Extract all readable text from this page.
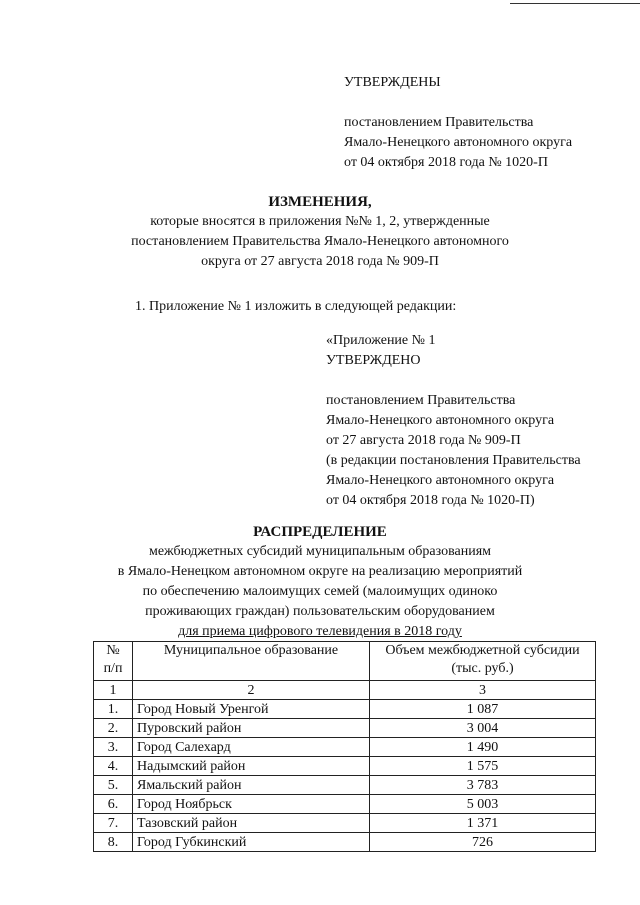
УТВЕРЖДЕНЫ
постановлением Правительства
Ямало-Ненецкого автономного округа
от 04 октября 2018 года № 1020-П
ИЗМЕНЕНИЯ,
которые вносятся в приложения №№ 1, 2, утвержденные
постановлением Правительства Ямало-Ненецкого автономного
округа от 27 августа 2018 года № 909-П
1. Приложение № 1 изложить в следующей редакции:
«Приложение № 1
УТВЕРЖДЕНО
постановлением Правительства
Ямало-Ненецкого автономного округа
от 27 августа 2018 года № 909-П
(в редакции постановления Правительства
Ямало-Ненецкого автономного округа
от 04 октября 2018 года № 1020-П)
РАСПРЕДЕЛЕНИЕ
межбюджетных субсидий муниципальным образованиям
в Ямало-Ненецком автономном округе на реализацию мероприятий
по обеспечению малоимущих семей (малоимущих одиноко
проживающих граждан) пользовательским оборудованием
для приема цифрового телевидения в 2018 году
№
п/п	Муниципальное образование	Объем межбюджетной субсидии
(тыс. руб.)
1	2	3
1.	Город Новый Уренгой	1 087
2.	Пуровский район	3 004
3.	Город Салехард	1 490
4.	Надымский район	1 575
5.	Ямальский район	3 783
6.	Город Ноябрьск	5 003
7.	Тазовский район	1 371
8.	Город Губкинский	726
